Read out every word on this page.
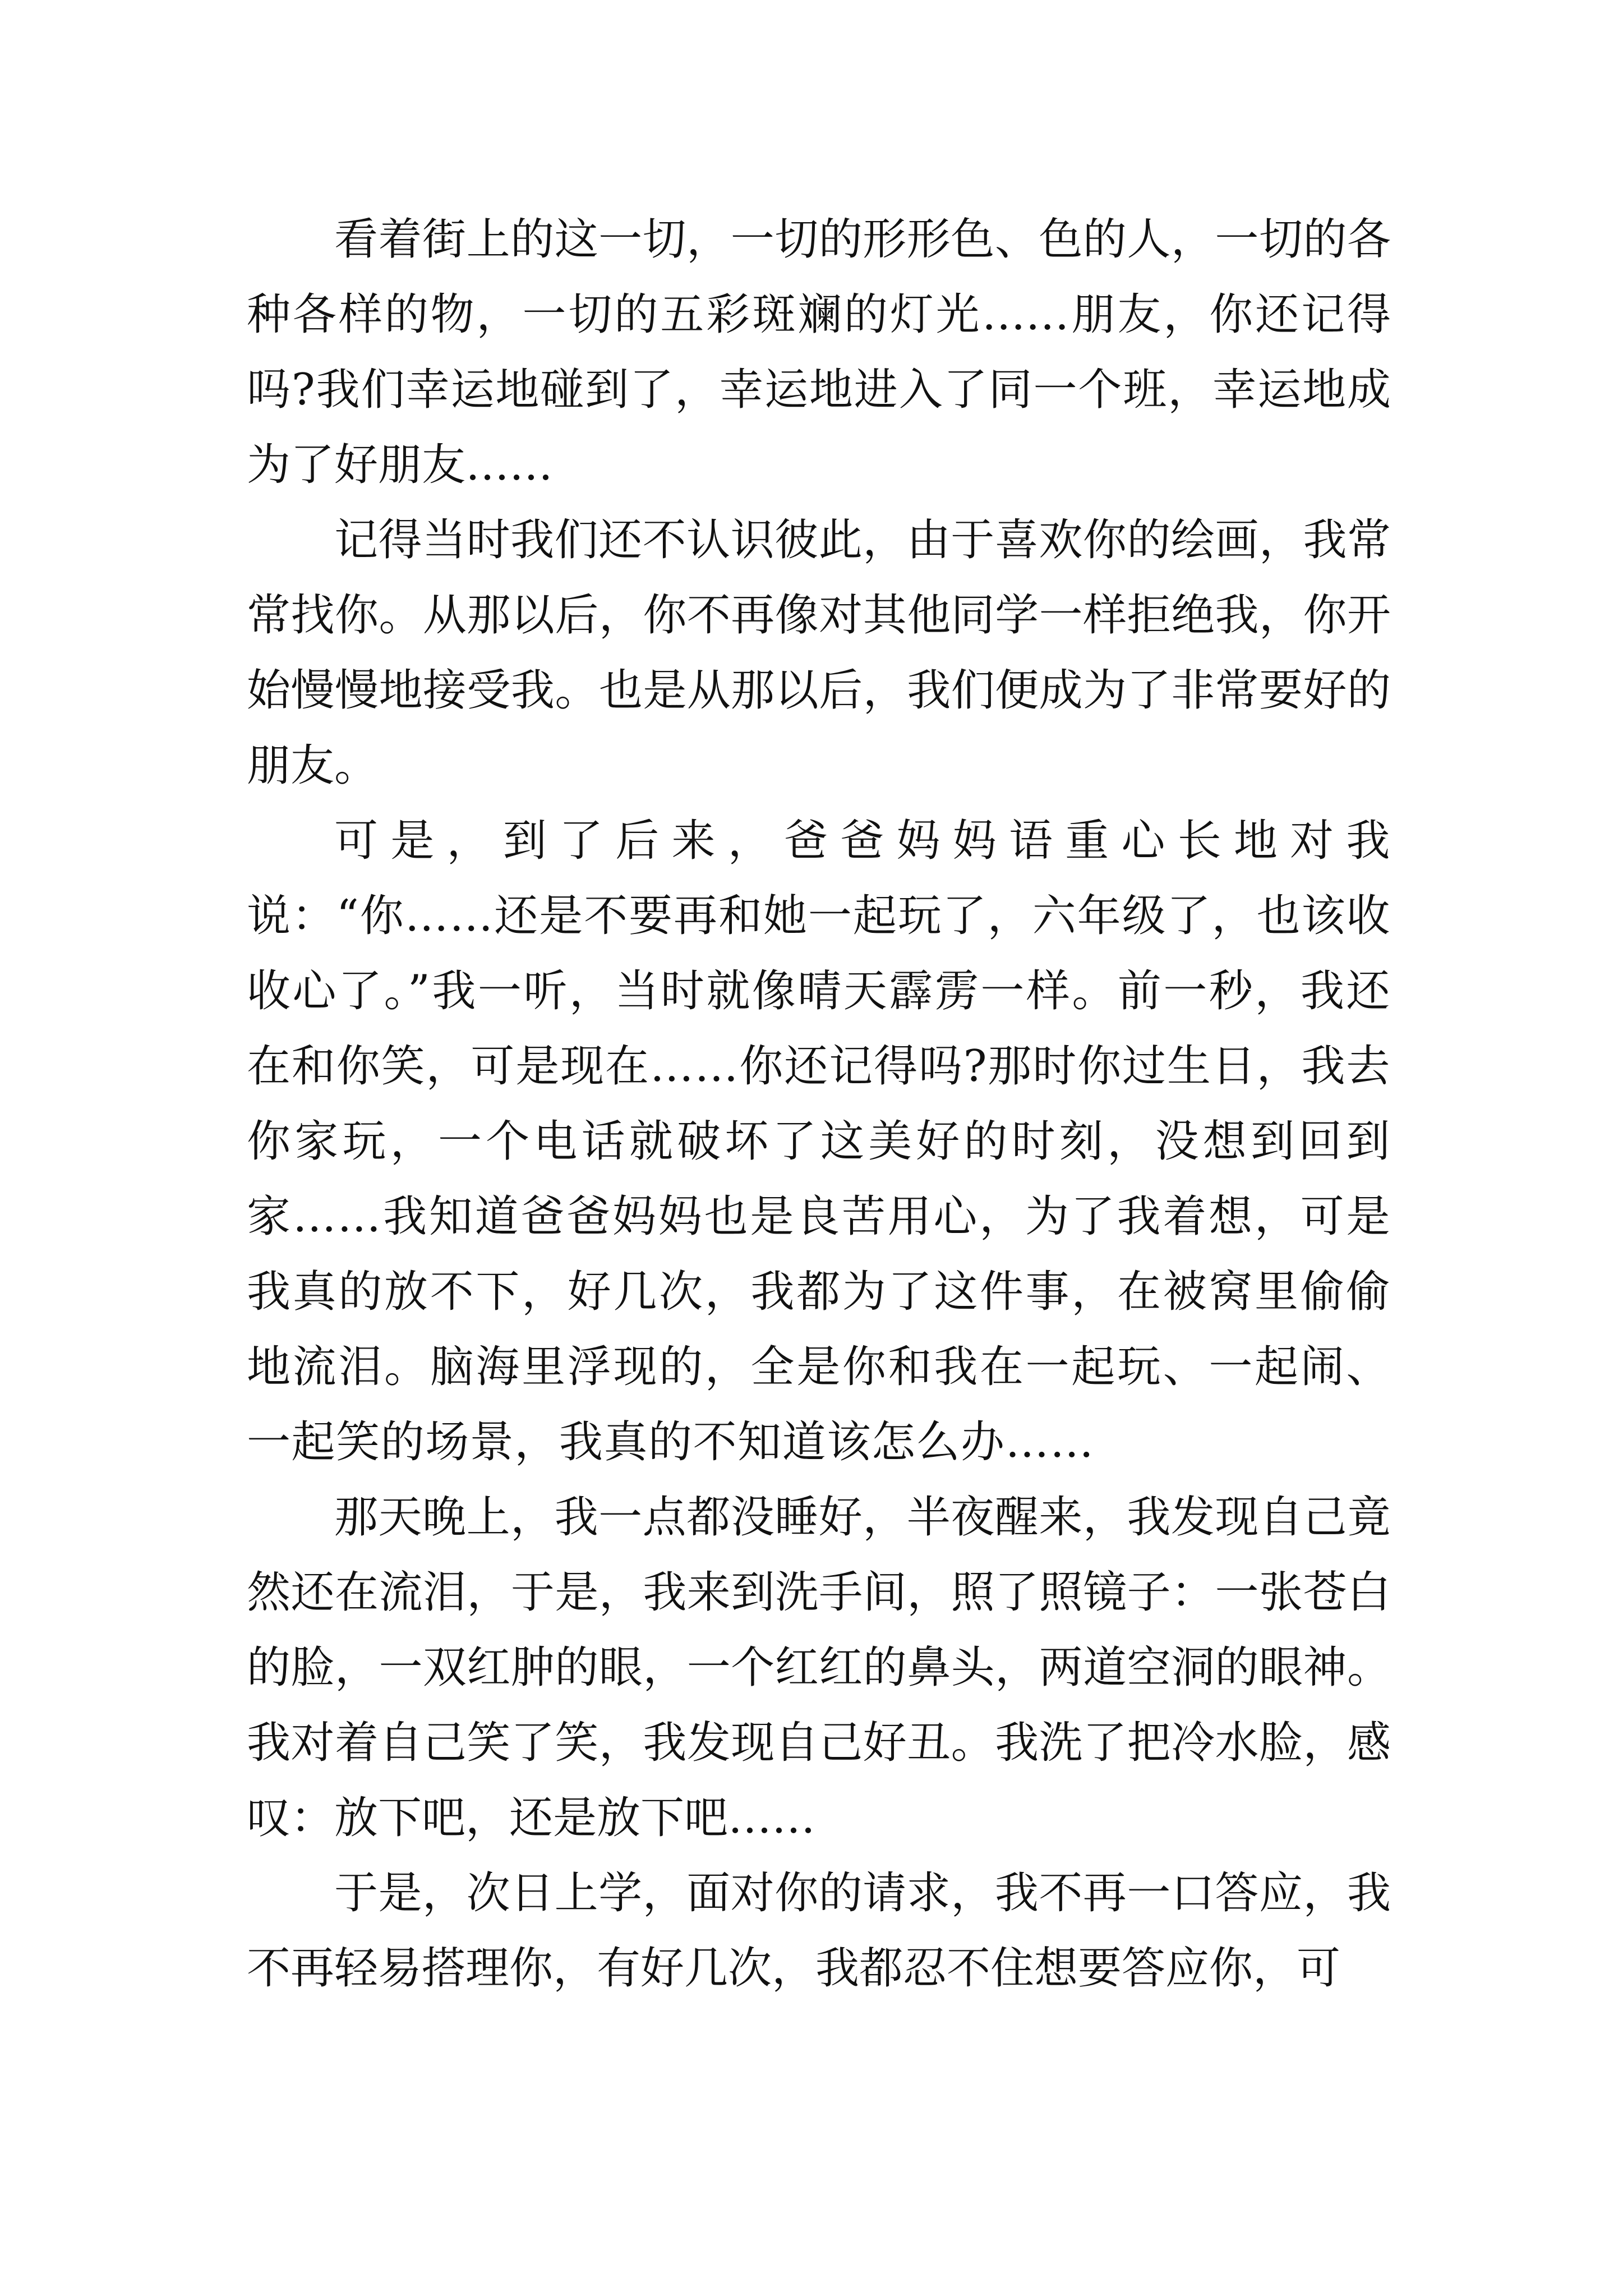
看着街上的这一切，一切的形形色、色的人，一切的各种各样的物，一切的五彩斑斓的灯光……朋友，你还记得吗?我们幸运地碰到了，幸运地进入了同一个班，幸运地成为了好朋友……

记得当时我们还不认识彼此，由于喜欢你的绘画，我常常找你。从那以后，你不再像对其他同学一样拒绝我，你开始慢慢地接受我。也是从那以后，我们便成为了非常要好的朋友。

可是，到了后来，爸爸妈妈语重心长地对我说：“你……还是不要再和她一起玩了，六年级了，也该收收心了。”我一听，当时就像晴天霹雳一样。前一秒，我还在和你笑，可是现在……你还记得吗?那时你过生日，我去你家玩，一个电话就破坏了这美好的时刻，没想到回到家……我知道爸爸妈妈也是良苦用心，为了我着想，可是我真的放不下，好几次，我都为了这件事，在被窝里偷偷地流泪。脑海里浮现的，全是你和我在一起玩、一起闹、一起笑的场景，我真的不知道该怎么办……

那天晚上，我一点都没睡好，半夜醒来，我发现自己竟然还在流泪，于是，我来到洗手间，照了照镜子：一张苍白的脸，一双红肿的眼，一个红红的鼻头，两道空洞的眼神。我对着自己笑了笑，我发现自己好丑。我洗了把冷水脸，感叹：放下吧，还是放下吧……

于是，次日上学，面对你的请求，我不再一口答应，我不再轻易搭理你，有好几次，我都忍不住想要答应你，可
